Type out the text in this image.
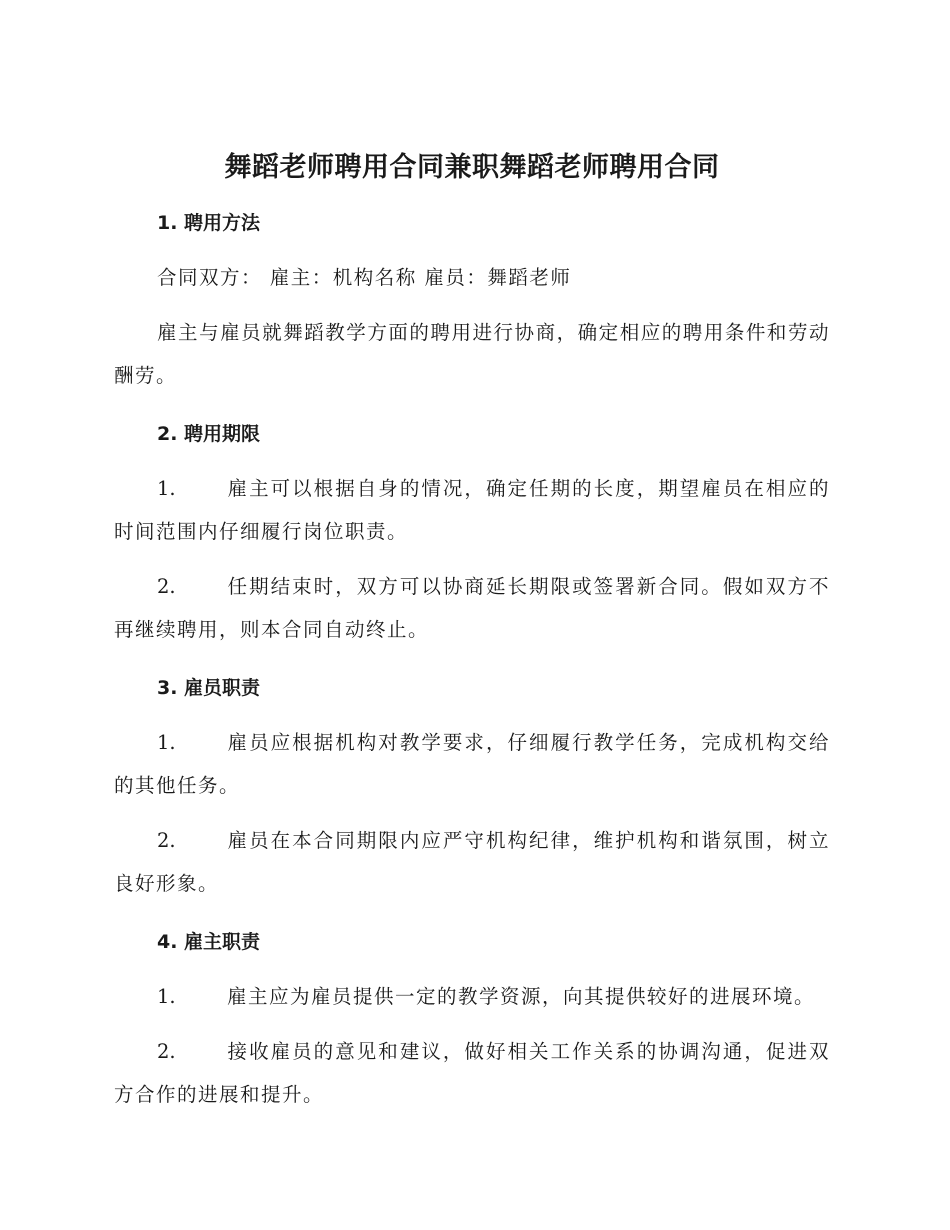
舞蹈老师聘用合同兼职舞蹈老师聘用合同
1. 聘用方法

合同双方： 雇主：机构名称 雇员：舞蹈老师

雇主与雇员就舞蹈教学方面的聘用进行协商，确定相应的聘用条件和劳动酬劳。

2. 聘用期限

1.	雇主可以根据自身的情况，确定任期的长度，期望雇员在相应的时间范围内仔细履行岗位职责。

2.	任期结束时，双方可以协商延长期限或签署新合同。假如双方不再继续聘用，则本合同自动终止。

3. 雇员职责

1.	雇员应根据机构对教学要求，仔细履行教学任务，完成机构交给的其他任务。

2.	雇员在本合同期限内应严守机构纪律，维护机构和谐氛围，树立良好形象。

4. 雇主职责

1.	雇主应为雇员提供一定的教学资源，向其提供较好的进展环境。

2.	接收雇员的意见和建议，做好相关工作关系的协调沟通，促进双方合作的进展和提升。
